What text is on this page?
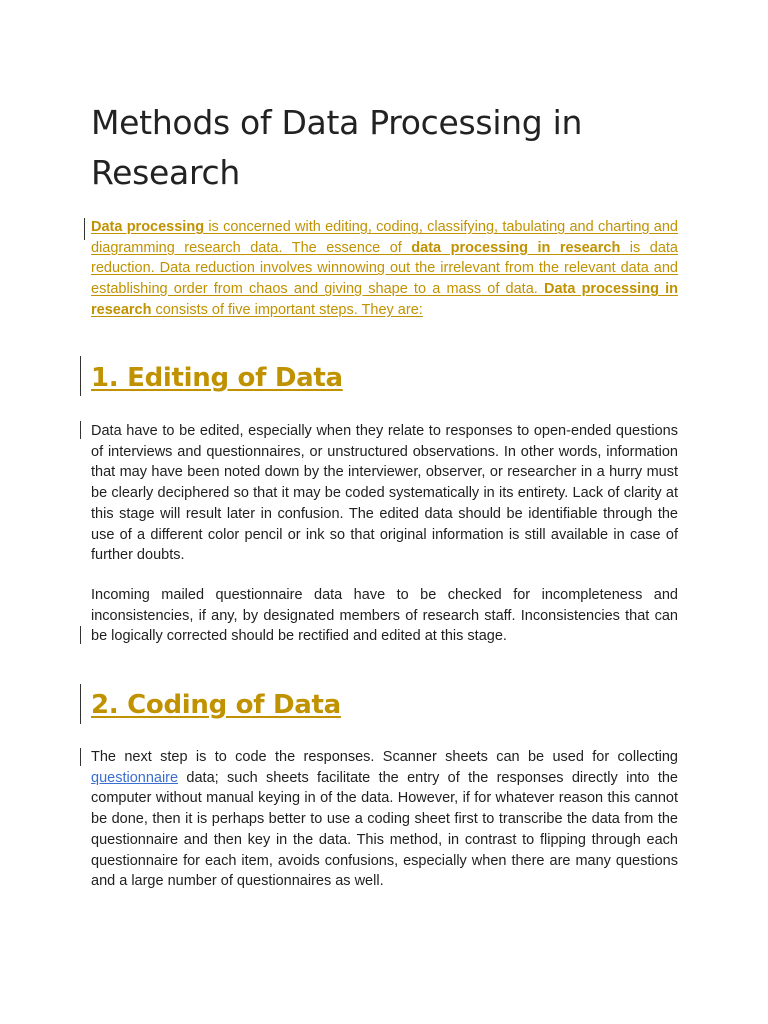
Methods of Data Processing in Research

Data processing is concerned with editing, coding, classifying, tabulating and charting and diagramming research data. The essence of data processing in research is data reduction. Data reduction involves winnowing out the irrelevant from the relevant data and establishing order from chaos and giving shape to a mass of data. Data processing in research consists of five important steps. They are:

1. Editing of Data

Data have to be edited, especially when they relate to responses to open-ended questions of interviews and questionnaires, or unstructured observations. In other words, information that may have been noted down by the interviewer, observer, or researcher in a hurry must be clearly deciphered so that it may be coded systematically in its entirety. Lack of clarity at this stage will result later in confusion. The edited data should be identifiable through the use of a different color pencil or ink so that original information is still available in case of further doubts.

Incoming mailed questionnaire data have to be checked for incompleteness and inconsistencies, if any, by designated members of research staff. Inconsistencies that can be logically corrected should be rectified and edited at this stage.

2. Coding of Data

The next step is to code the responses. Scanner sheets can be used for collecting questionnaire data; such sheets facilitate the entry of the responses directly into the computer without manual keying in of the data. However, if for whatever reason this cannot be done, then it is perhaps better to use a coding sheet first to transcribe the data from the questionnaire and then key in the data. This method, in contrast to flipping through each questionnaire for each item, avoids confusions, especially when there are many questions and a large number of questionnaires as well.
